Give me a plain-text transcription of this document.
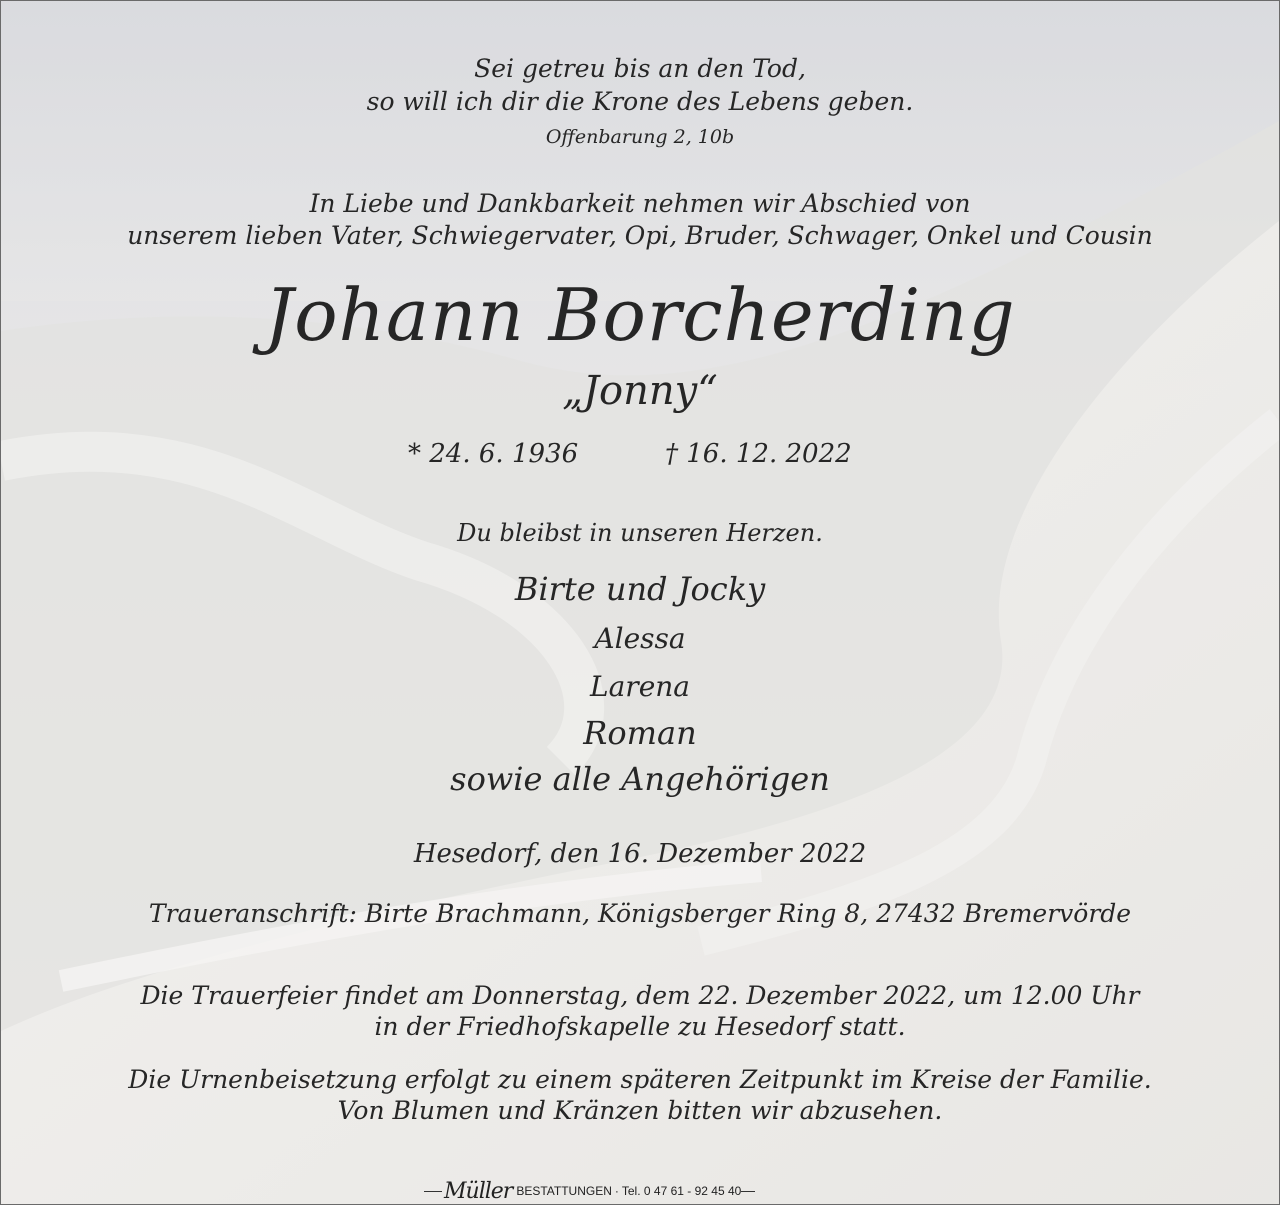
Sei getreu bis an den Tod,
so will ich dir die Krone des Lebens geben.
Offenbarung 2, 10b
In Liebe und Dankbarkeit nehmen wir Abschied von
unserem lieben Vater, Schwiegervater, Opi, Bruder, Schwager, Onkel und Cousin
Johann Borcherding
„Jonny“
* 24. 6. 1936	† 16. 12. 2022
Du bleibst in unseren Herzen.
Birte und Jocky
Alessa
Larena
Roman
sowie alle Angehörigen
Hesedorf, den 16. Dezember 2022
Traueranschrift: Birte Brachmann, Königsberger Ring 8, 27432 Bremervörde
Die Trauerfeier findet am Donnerstag, dem 22. Dezember 2022, um 12.00 Uhr
in der Friedhofskapelle zu Hesedorf statt.
Die Urnenbeisetzung erfolgt zu einem späteren Zeitpunkt im Kreise der Familie.
Von Blumen und Kränzen bitten wir abzusehen.
Müller BESTATTUNGEN · Tel. 0 47 61 - 92 45 40
